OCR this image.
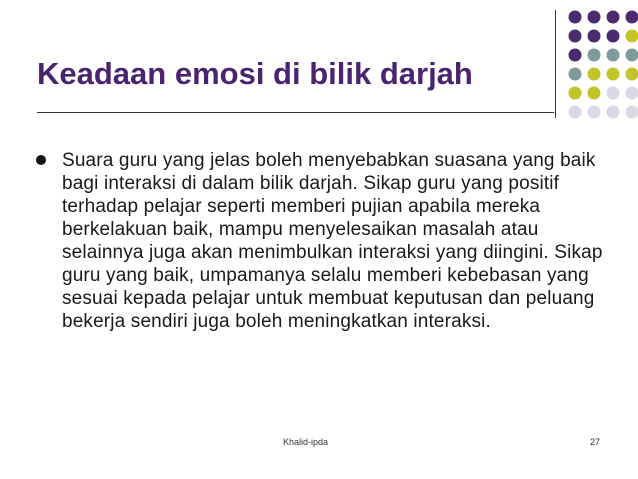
Keadaan emosi di bilik darjah
Suara guru yang jelas boleh menyebabkan suasana yang baik bagi interaksi di dalam bilik darjah. Sikap guru yang positif terhadap pelajar seperti memberi pujian apabila mereka berkelakuan baik, mampu menyelesaikan masalah atau selainnya juga akan menimbulkan interaksi yang diingini. Sikap guru yang baik, umpamanya selalu memberi kebebasan yang sesuai kepada pelajar untuk membuat keputusan dan peluang bekerja sendiri juga boleh meningkatkan interaksi.
Khalid-ipda	27
